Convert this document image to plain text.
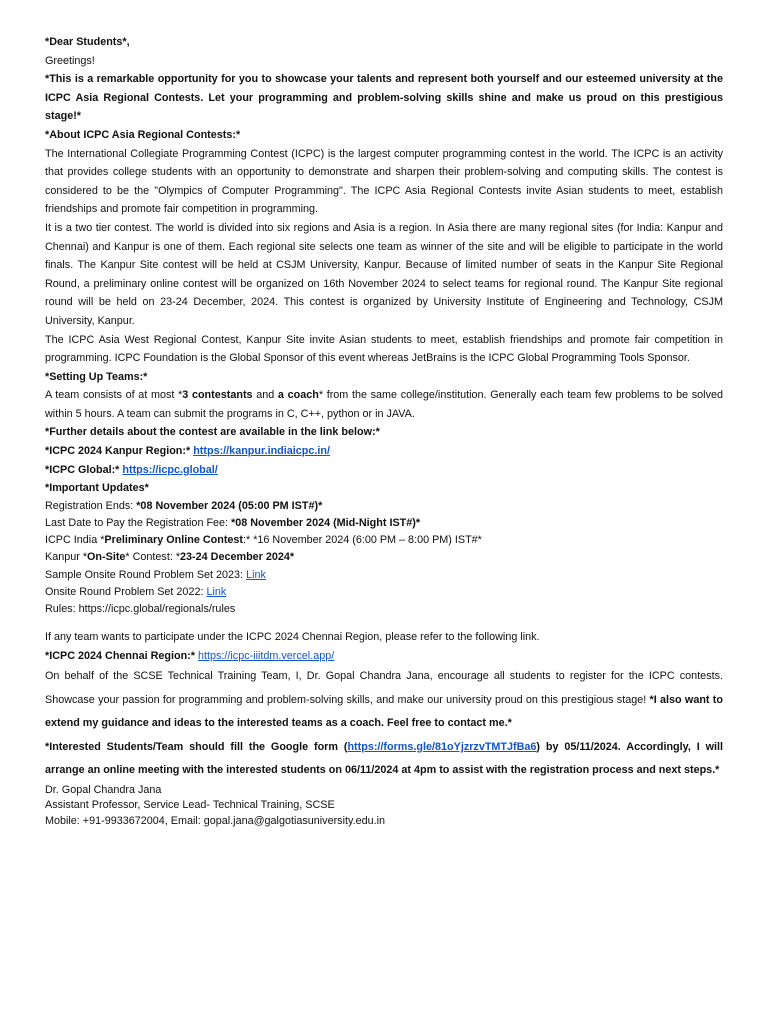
*Dear Students*,

Greetings!

*This is a remarkable opportunity for you to showcase your talents and represent both yourself and our esteemed university at the ICPC Asia Regional Contests. Let your programming and problem-solving skills shine and make us proud on this prestigious stage!*

*About ICPC Asia Regional Contests:*

The International Collegiate Programming Contest (ICPC) is the largest computer programming contest in the world. The ICPC is an activity that provides college students with an opportunity to demonstrate and sharpen their problem-solving and computing skills. The contest is considered to be the "Olympics of Computer Programming". The ICPC Asia Regional Contests invite Asian students to meet, establish friendships and promote fair competition in programming.

It is a two tier contest. The world is divided into six regions and Asia is a region. In Asia there are many regional sites (for India: Kanpur and Chennai) and Kanpur is one of them. Each regional site selects one team as winner of the site and will be eligible to participate in the world finals. The Kanpur Site contest will be held at CSJM University, Kanpur. Because of limited number of seats in the Kanpur Site Regional Round, a preliminary online contest will be organized on 16th November 2024 to select teams for regional round. The Kanpur Site regional round will be held on 23-24 December, 2024. This contest is organized by University Institute of Engineering and Technology, CSJM University, Kanpur.

The ICPC Asia West Regional Contest, Kanpur Site invite Asian students to meet, establish friendships and promote fair competition in programming. ICPC Foundation is the Global Sponsor of this event whereas JetBrains is the ICPC Global Programming Tools Sponsor.

*Setting Up Teams:*

A team consists of at most *3 contestants and a coach* from the same college/institution. Generally each team few problems to be solved within 5 hours. A team can submit the programs in C, C++, python or in JAVA.

*Further details about the contest are available in the link below:*

*ICPC 2024 Kanpur Region:* https://kanpur.indiaicpc.in/

*ICPC Global:* https://icpc.global/

*Important Updates*

Registration Ends: *08 November 2024 (05:00 PM IST#)*

Last Date to Pay the Registration Fee: *08 November 2024 (Mid-Night IST#)*

ICPC India *Preliminary Online Contest:* *16 November 2024 (6:00 PM – 8:00 PM) IST#*

Kanpur *On-Site* Contest: *23-24 December 2024*

Sample Onsite Round Problem Set 2023: Link

Onsite Round Problem Set 2022: Link

Rules: https://icpc.global/regionals/rules

If any team wants to participate under the ICPC 2024 Chennai Region, please refer to the following link.

*ICPC 2024 Chennai Region:* https://icpc-iiitdm.vercel.app/

On behalf of the SCSE Technical Training Team, I, Dr. Gopal Chandra Jana, encourage all students to register for the ICPC contests. Showcase your passion for programming and problem-solving skills, and make our university proud on this prestigious stage! *I also want to extend my guidance and ideas to the interested teams as a coach. Feel free to contact me.*

*Interested Students/Team should fill the Google form (https://forms.gle/81oYjzrzvTMTJfBa6) by 05/11/2024. Accordingly, I will arrange an online meeting with the interested students on 06/11/2024 at 4pm to assist with the registration process and next steps.*

Dr. Gopal Chandra Jana

Assistant Professor, Service Lead- Technical Training, SCSE

Mobile: +91-9933672004, Email: gopal.jana@galgotiasuniversity.edu.in
